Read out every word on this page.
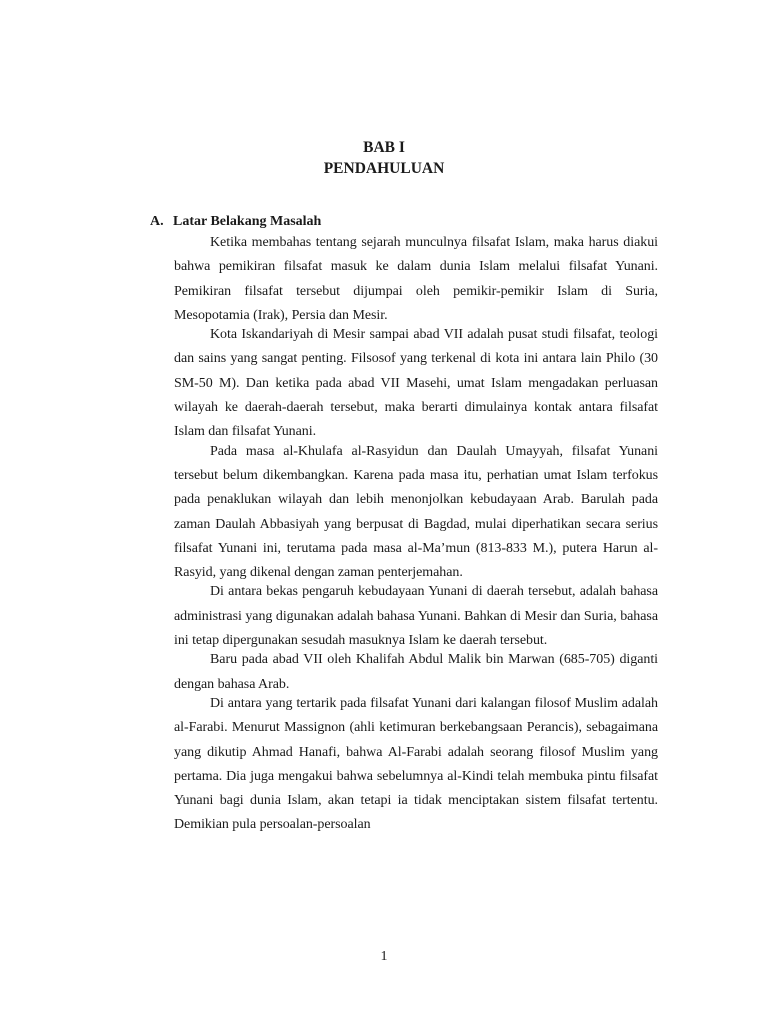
BAB I
PENDAHULUAN
A. Latar Belakang Masalah

Ketika membahas tentang sejarah munculnya filsafat Islam, maka harus diakui bahwa pemikiran filsafat masuk ke dalam dunia Islam melalui filsafat Yunani. Pemikiran filsafat tersebut dijumpai oleh pemikir-pemikir Islam di Suria, Mesopotamia (Irak), Persia dan Mesir.

Kota Iskandariyah di Mesir sampai abad VII adalah pusat studi filsafat, teologi dan sains yang sangat penting. Filsosof yang terkenal di kota ini antara lain Philo (30 SM-50 M). Dan ketika pada abad VII Masehi, umat Islam mengadakan perluasan wilayah ke daerah-daerah tersebut, maka berarti dimulainya kontak antara filsafat Islam dan filsafat Yunani.

Pada masa al-Khulafa al-Rasyidun dan Daulah Umayyah, filsafat Yunani tersebut belum dikembangkan. Karena pada masa itu, perhatian umat Islam terfokus pada penaklukan wilayah dan lebih menonjolkan kebudayaan Arab. Barulah pada zaman Daulah Abbasiyah yang berpusat di Bagdad, mulai diperhatikan secara serius filsafat Yunani ini, terutama pada masa al-Ma’mun (813-833 M.), putera Harun al-Rasyid, yang dikenal dengan zaman penterjemahan.

Di antara bekas pengaruh kebudayaan Yunani di daerah tersebut, adalah bahasa administrasi yang digunakan adalah bahasa Yunani. Bahkan di Mesir dan Suria, bahasa ini tetap dipergunakan sesudah masuknya Islam ke daerah tersebut.

Baru pada abad VII oleh Khalifah Abdul Malik bin Marwan (685-705) diganti dengan bahasa Arab.

Di antara yang tertarik pada filsafat Yunani dari kalangan filosof Muslim adalah al-Farabi. Menurut Massignon (ahli ketimuran berkebangsaan Perancis), sebagaimana yang dikutip Ahmad Hanafi, bahwa Al-Farabi adalah seorang filosof Muslim yang pertama. Dia juga mengakui bahwa sebelumnya al-Kindi telah membuka pintu filsafat Yunani bagi dunia Islam, akan tetapi ia tidak menciptakan sistem filsafat tertentu. Demikian pula persoalan-persoalan

1
